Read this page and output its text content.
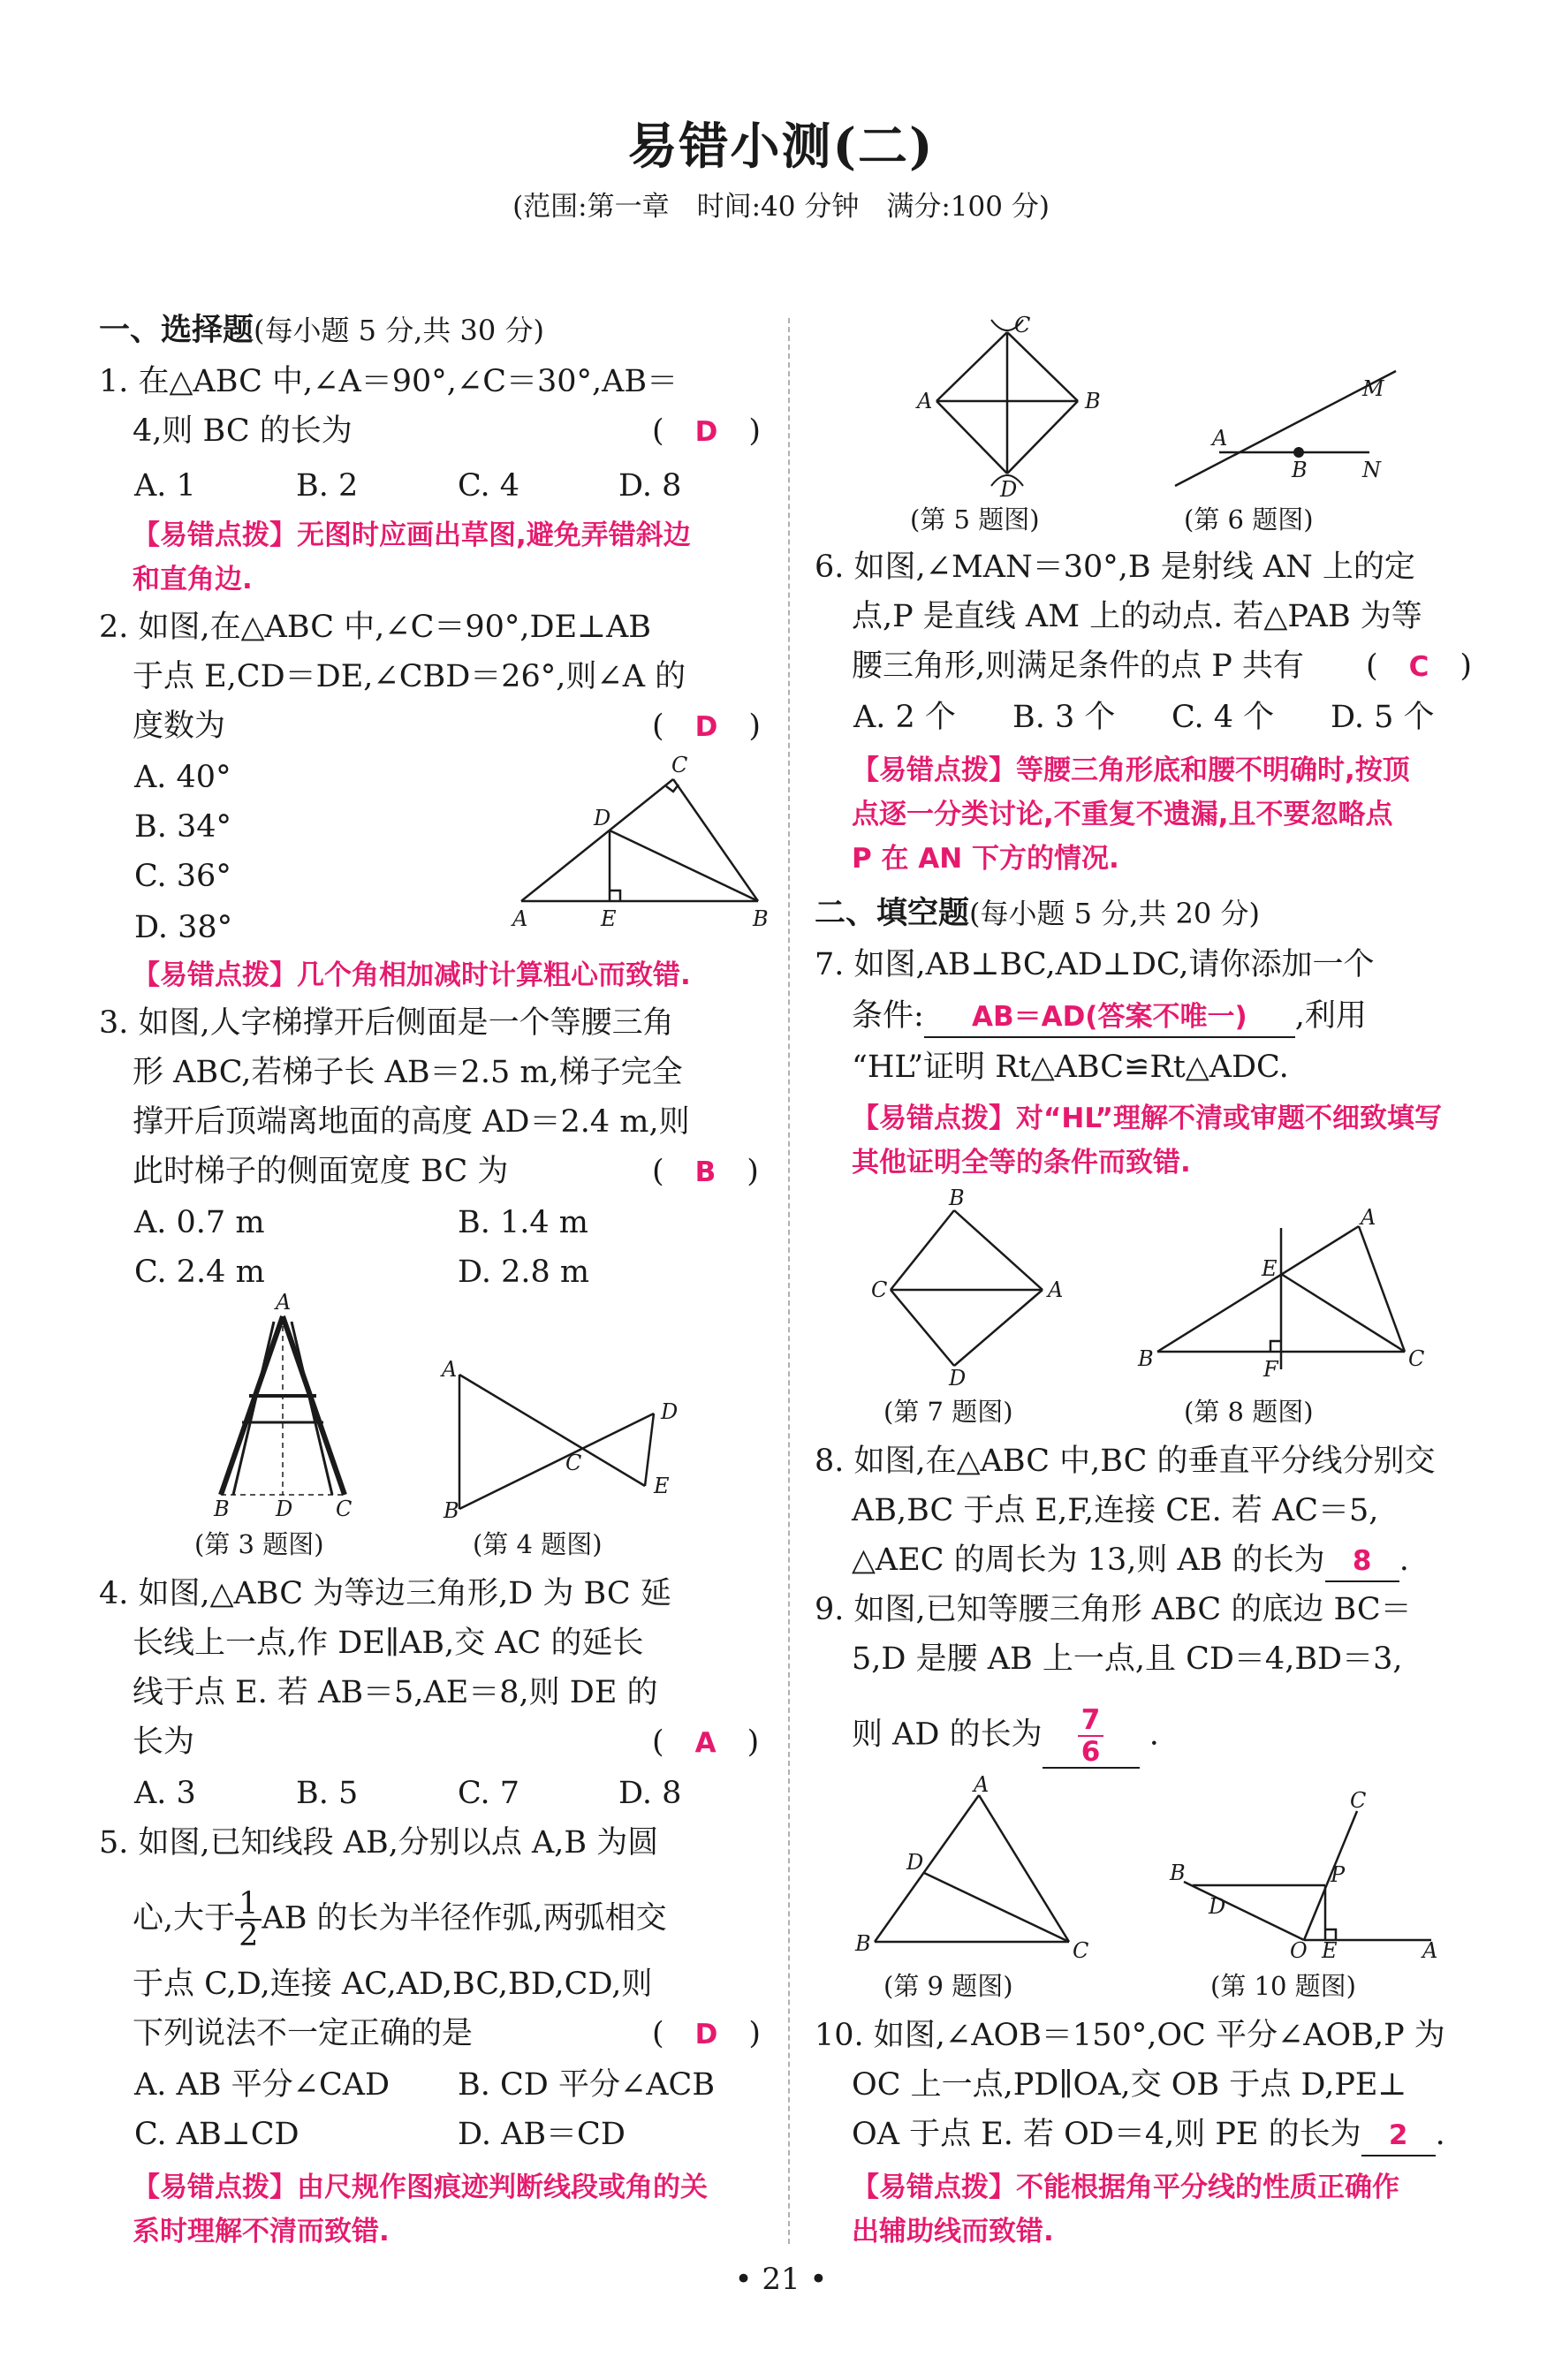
易错小测(二)
(范围:第一章　时间:40 分钟　满分:100 分)
一、选择题(每小题 5 分,共 30 分)
1. 在△ABC 中,∠A＝90°,∠C＝30°,AB＝
4,则 BC 的长为	(　D　)
A. 1	B. 2	C. 4	D. 8
【易错点拨】无图时应画出草图,避免弄错斜边
和直角边.
2. 如图,在△ABC 中,∠C＝90°,DE⊥AB
于点 E,CD＝DE,∠CBD＝26°,则∠A 的
度数为	(　D　)
A. 40°
B. 34°
C. 36°
D. 38°	A	E	B
D
C
【易错点拨】几个角相加减时计算粗心而致错.
3. 如图,人字梯撑开后侧面是一个等腰三角
形 ABC,若梯子长 AB＝2.5 m,梯子完全
撑开后顶端离地面的高度 AD＝2.4 m,则
此时梯子的侧面宽度 BC 为	(　B　)
A. 0.7 m	B. 1.4 m
C. 2.4 m	D. 2.8 m
A
B D C
A
B
C
D
E
(第 3 题图)	(第 4 题图)
4. 如图,△ABC 为等边三角形,D 为 BC 延
长线上一点,作 DE∥AB,交 AC 的延长
线于点 E. 若 AB＝5,AE＝8,则 DE 的
长为	(　A　)
A. 3	B. 5	C. 7	D. 8
5. 如图,已知线段 AB,分别以点 A,B 为圆
心,大于 $\frac{1}{2}$ AB 的长为半径作弧,两弧相交
于点 C,D,连接 AC,AD,BC,BD,CD,则
下列说法不一定正确的是	(　D　)
A. AB 平分∠CAD B. CD 平分∠ACB
C. AB⊥CD	D. AB＝CD
【易错点拨】由尺规作图痕迹判断线段或角的关
系时理解不清而致错.
A	B
C
D
A
M
B	N
(第 5 题图)	(第 6 题图)
6. 如图,∠MAN＝30°,B 是射线 AN 上的定
点,P 是直线 AM 上的动点. 若△PAB 为等
腰三角形,则满足条件的点 P 共有 (　C　)
A. 2 个 B. 3 个 C. 4 个 D. 5 个
【易错点拨】等腰三角形底和腰不明确时,按顶
点逐一分类讨论,不重复不遗漏,且不要忽略点
P 在 AN 下方的情况.
二、填空题(每小题 5 分,共 20 分)
7. 如图,AB⊥BC,AD⊥DC,请你添加一个
条件: AB＝AD(答案不唯一) ,利用
“HL”证明 Rt△ABC≌Rt△ADC.
【易错点拨】对“HL”理解不清或审题不细致填写
其他证明全等的条件而致错.
B
C	A
D
B	C
A
E
F
(第 7 题图)	(第 8 题图)
8. 如图,在△ABC 中,BC 的垂直平分线分别交
AB,BC 于点 E,F,连接 CE. 若 AC＝5,
△AEC 的周长为 13,则 AB 的长为 8 .
9. 如图,已知等腰三角形 ABC 的底边 BC＝
5,D 是腰 AB 上一点,且 CD＝4,BD＝3,
则 AD 的长为 $\frac{7}{6}$ .
B	C
A
D	B
D
P
C
O E	A
(第 9 题图)	(第 10 题图)
10. 如图,∠AOB＝150°,OC 平分∠AOB,P 为
OC 上一点,PD∥OA,交 OB 于点 D,PE⊥
OA 于点 E. 若 OD＝4,则 PE 的长为 2 .
【易错点拨】不能根据角平分线的性质正确作
出辅助线而致错.
• 21 •
